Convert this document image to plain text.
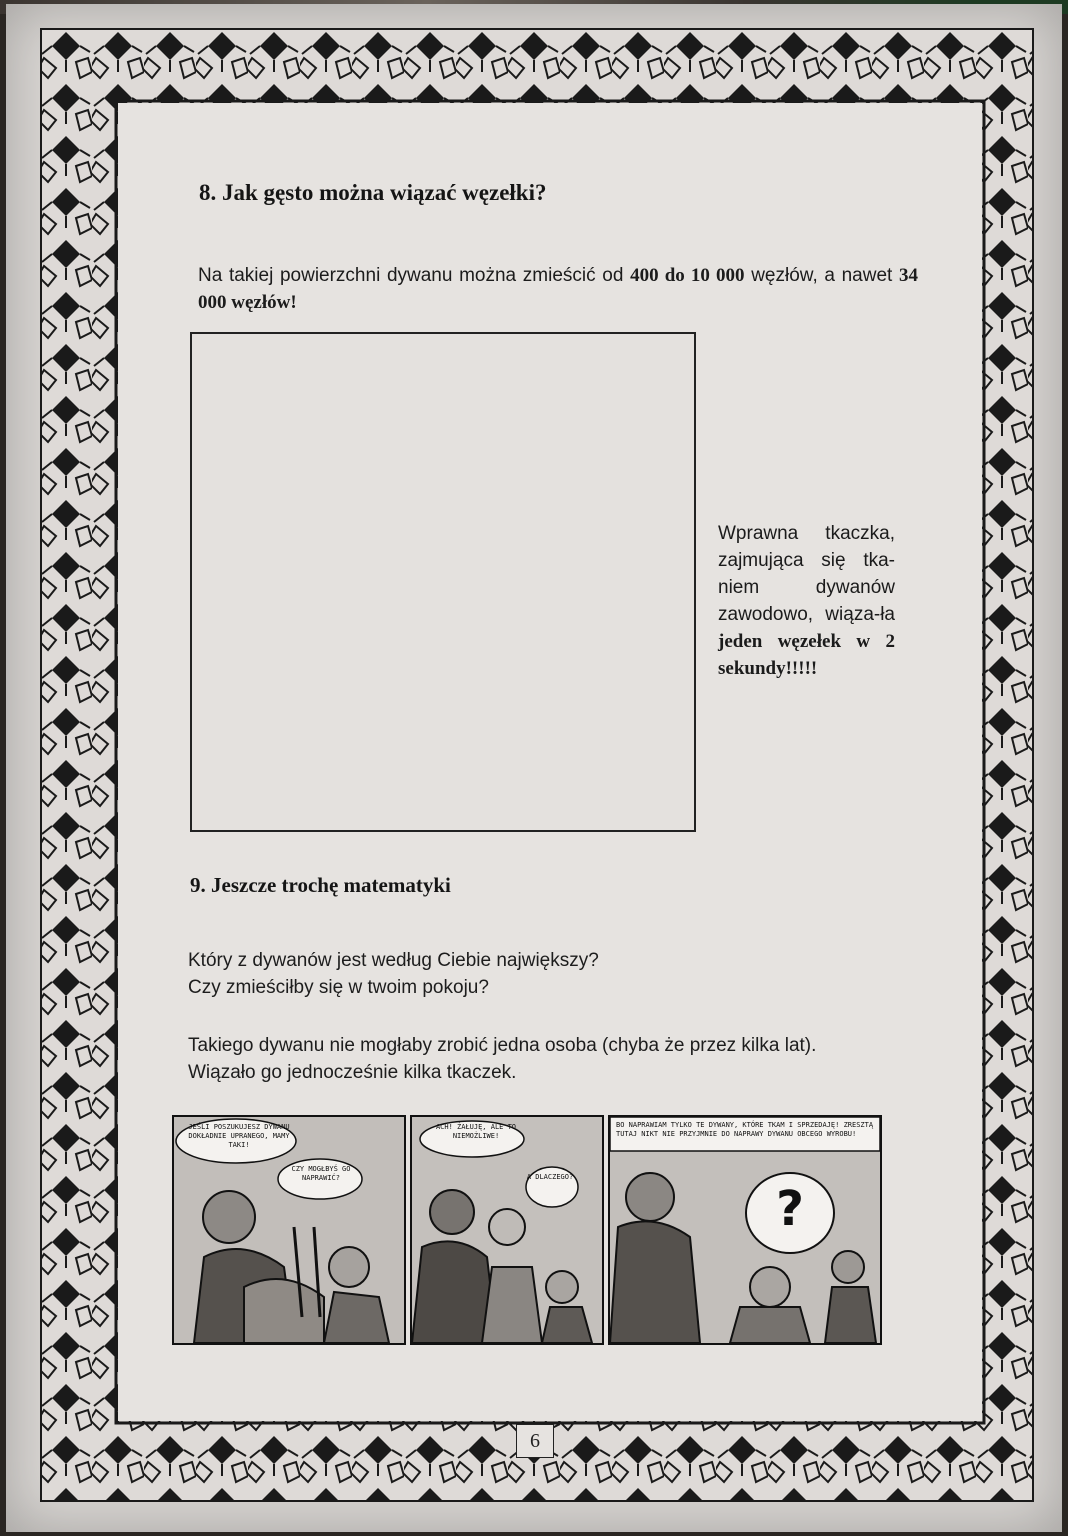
8. Jak gęsto można wiązać węzełki?

Na takiej powierzchni dywanu można zmieścić od 400 do 10 000 węzłów, a nawet 34 000 węzłów!

Wprawna tkaczka, zajmująca się tka-niem dywanów zawodowo, wiąza-ła jeden węzełek w 2 sekundy!!!!!

9. Jeszcze trochę matematyki

Który z dywanów jest według Ciebie największy?
Czy zmieściłby się w twoim pokoju?

Takiego dywanu nie mogłaby zrobić jedna osoba (chyba że przez kilka lat).
Wiązało go jednocześnie kilka tkaczek.

JEŚLI POSZUKUJESZ DYWANU DOKŁADNIE UPRANEGO, MAMY TAKI!
CZY MOGŁBYŚ GO NAPRAWIĆ?
ACH! ŻAŁUJĘ, ALE TO NIEMOŻLIWE!
A DLACZEGO?
BO NAPRAWIAM TYLKO TE DYWANY, KTÓRE TKAM I SPRZEDAJĘ! ZRESZTĄ TUTAJ NIKT NIE PRZYJMNIE DO NAPRAWY DYWANU OBCEGO WYROBU!
?
6
